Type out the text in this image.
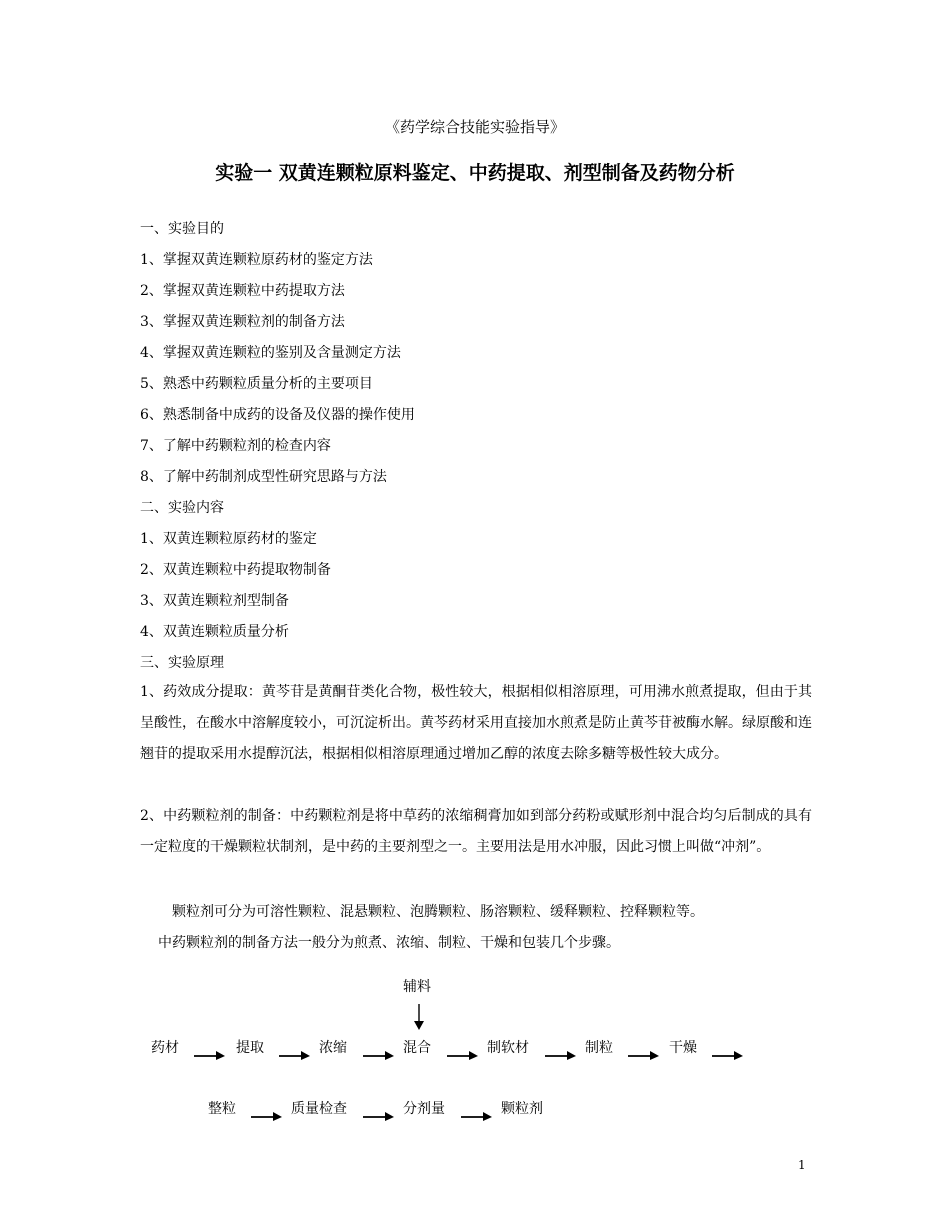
《药学综合技能实验指导》
实验一 双黄连颗粒原料鉴定、中药提取、剂型制备及药物分析
一、实验目的
1、掌握双黄连颗粒原药材的鉴定方法
2、掌握双黄连颗粒中药提取方法
3、掌握双黄连颗粒剂的制备方法
4、掌握双黄连颗粒的鉴别及含量测定方法
5、熟悉中药颗粒质量分析的主要项目
6、熟悉制备中成药的设备及仪器的操作使用
7、了解中药颗粒剂的检查内容
8、了解中药制剂成型性研究思路与方法
二、实验内容
1、双黄连颗粒原药材的鉴定
2、双黄连颗粒中药提取物制备
3、双黄连颗粒剂型制备
4、双黄连颗粒质量分析
三、实验原理
1、药效成分提取：黄芩苷是黄酮苷类化合物，极性较大，根据相似相溶原理，可用沸水煎煮提取，但由于其呈酸性，在酸水中溶解度较小，可沉淀析出。黄芩药材采用直接加水煎煮是防止黄芩苷被酶水解。绿原酸和连翘苷的提取采用水提醇沉法，根据相似相溶原理通过增加乙醇的浓度去除多糖等极性较大成分。
2、中药颗粒剂的制备：中药颗粒剂是将中草药的浓缩稠膏加如到部分药粉或赋形剂中混合均匀后制成的具有一定粒度的干燥颗粒状制剂，是中药的主要剂型之一。主要用法是用水冲服，因此习惯上叫做“冲剂”。
颗粒剂可分为可溶性颗粒、混悬颗粒、泡腾颗粒、肠溶颗粒、缓释颗粒、控释颗粒等。
中药颗粒剂的制备方法一般分为煎煮、浓缩、制粒、干燥和包装几个步骤。
辅料
药材	提取	浓缩	混合	制软材	制粒	干燥
整粒	质量检查	分剂量	颗粒剂
1
